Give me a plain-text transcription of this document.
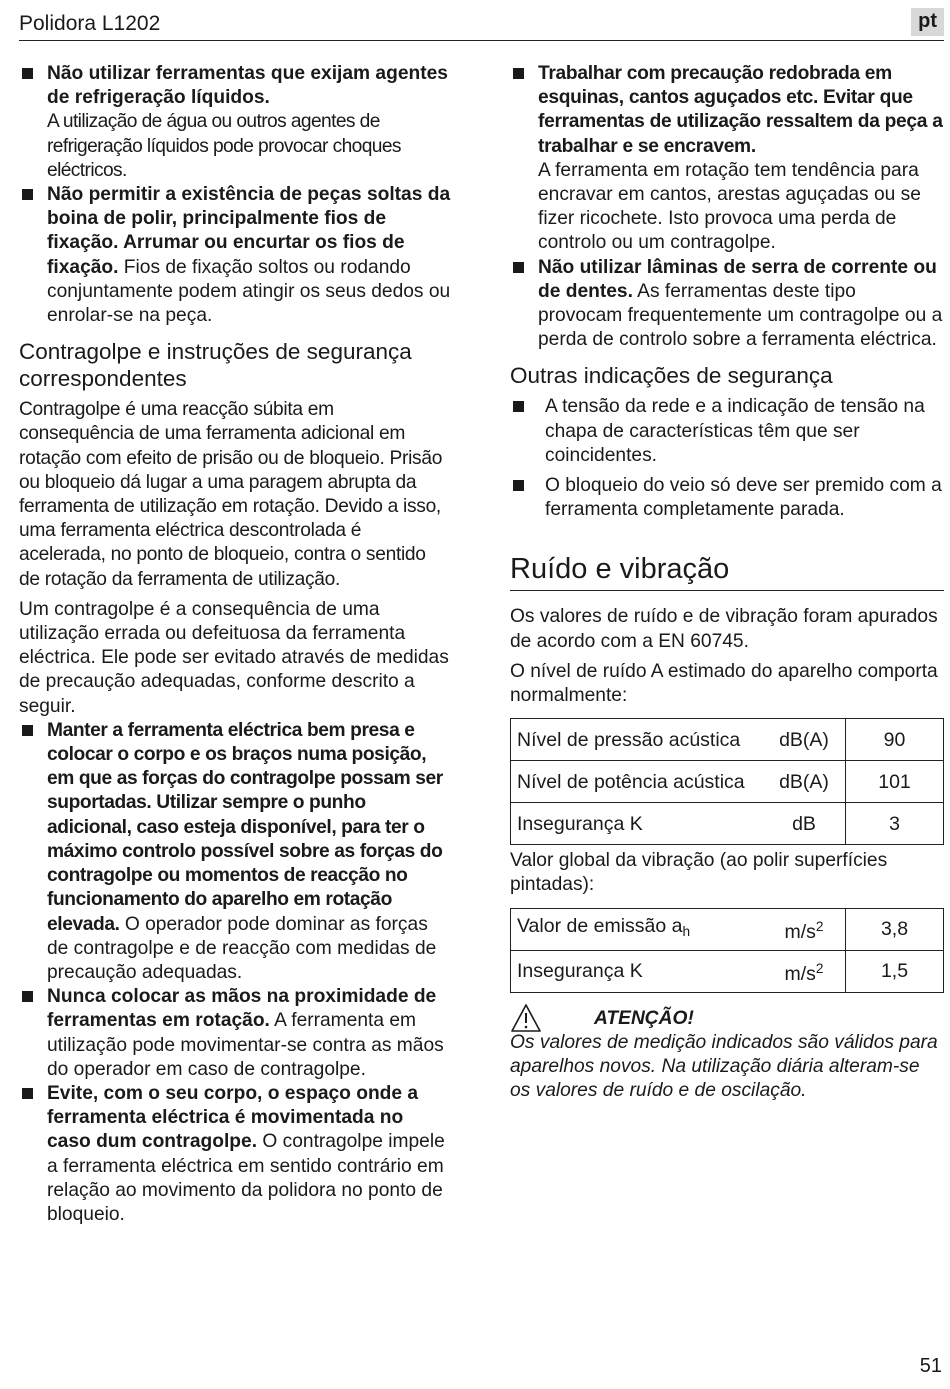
Polidora L1202	pt
Não utilizar ferramentas que exijam agentes de refrigeração líquidos.
A utilização de água ou outros agentes de refrigeração líquidos pode provocar choques eléctricos.
Não permitir a existência de peças soltas da boina de polir, principalmente fios de fixação. Arrumar ou encurtar os fios de fixação. Fios de fixação soltos ou rodando conjuntamente podem atingir os seus dedos ou enrolar-se na peça.
Contragolpe e instruções de segurança correspondentes

Contragolpe é uma reacção súbita em consequência de uma ferramenta adicional em rotação com efeito de prisão ou de bloqueio. Prisão ou bloqueio dá lugar a uma paragem abrupta da ferramenta de utilização em rotação. Devido a isso, uma ferramenta eléctrica descontrolada é acelerada, no ponto de bloqueio, contra o sentido de rotação da ferramenta de utilização.

Um contragolpe é a consequência de uma utilização errada ou defeituosa da ferramenta eléctrica. Ele pode ser evitado através de medidas de precaução adequadas, conforme descrito a seguir.

Manter a ferramenta eléctrica bem presa e colocar o corpo e os braços numa posição, em que as forças do contragolpe possam ser suportadas. Utilizar sempre o punho adicional, caso esteja disponível, para ter o máximo controlo possível sobre as forças do contragolpe ou momentos de reacção no funcionamento do aparelho em rotação elevada. O operador pode dominar as forças de contragolpe e de reacção com medidas de precaução adequadas.
Nunca colocar as mãos na proximidade de ferramentas em rotação. A ferramenta em utilização pode movimentar-se contra as mãos do operador em caso de contragolpe.
Evite, com o seu corpo, o espaço onde a ferramenta eléctrica é movimentada no caso dum contragolpe. O contragolpe impele a ferramenta eléctrica em sentido contrário em relação ao movimento da polidora no ponto de bloqueio.
Trabalhar com precaução redobrada em esquinas, cantos aguçados etc. Evitar que ferramentas de utilização ressaltem da peça a trabalhar e se encravem.
A ferramenta em rotação tem tendência para encravar em cantos, arestas aguçadas ou se fizer ricochete. Isto provoca uma perda de controlo ou um contragolpe.
Não utilizar lâminas de serra de corrente ou de dentes. As ferramentas deste tipo provocam frequentemente um contragolpe ou a perda de controlo sobre a ferramenta eléctrica.
Outras indicações de segurança
A tensão da rede e a indicação de tensão na chapa de características têm que ser coincidentes.
O bloqueio do veio só deve ser premido com a ferramenta completamente parada.
Ruído e vibração

Os valores de ruído e de vibração foram apurados de acordo com a EN 60745.

O nível de ruído A estimado do aparelho comporta normalmente:

Nível de pressão acústica	dB(A)	90
Nível de potência acústica	dB(A)	101
Insegurança K	dB	3

Valor global da vibração (ao polir superfícies pintadas):

Valor de emissão $a_h$	$m/s^2$	3,8
Insegurança K	$m/s^2$	1,5
ATENÇÃO!
Os valores de medição indicados são válidos para aparelhos novos. Na utilização diária alteram-se os valores de ruído e de oscilação.
51
